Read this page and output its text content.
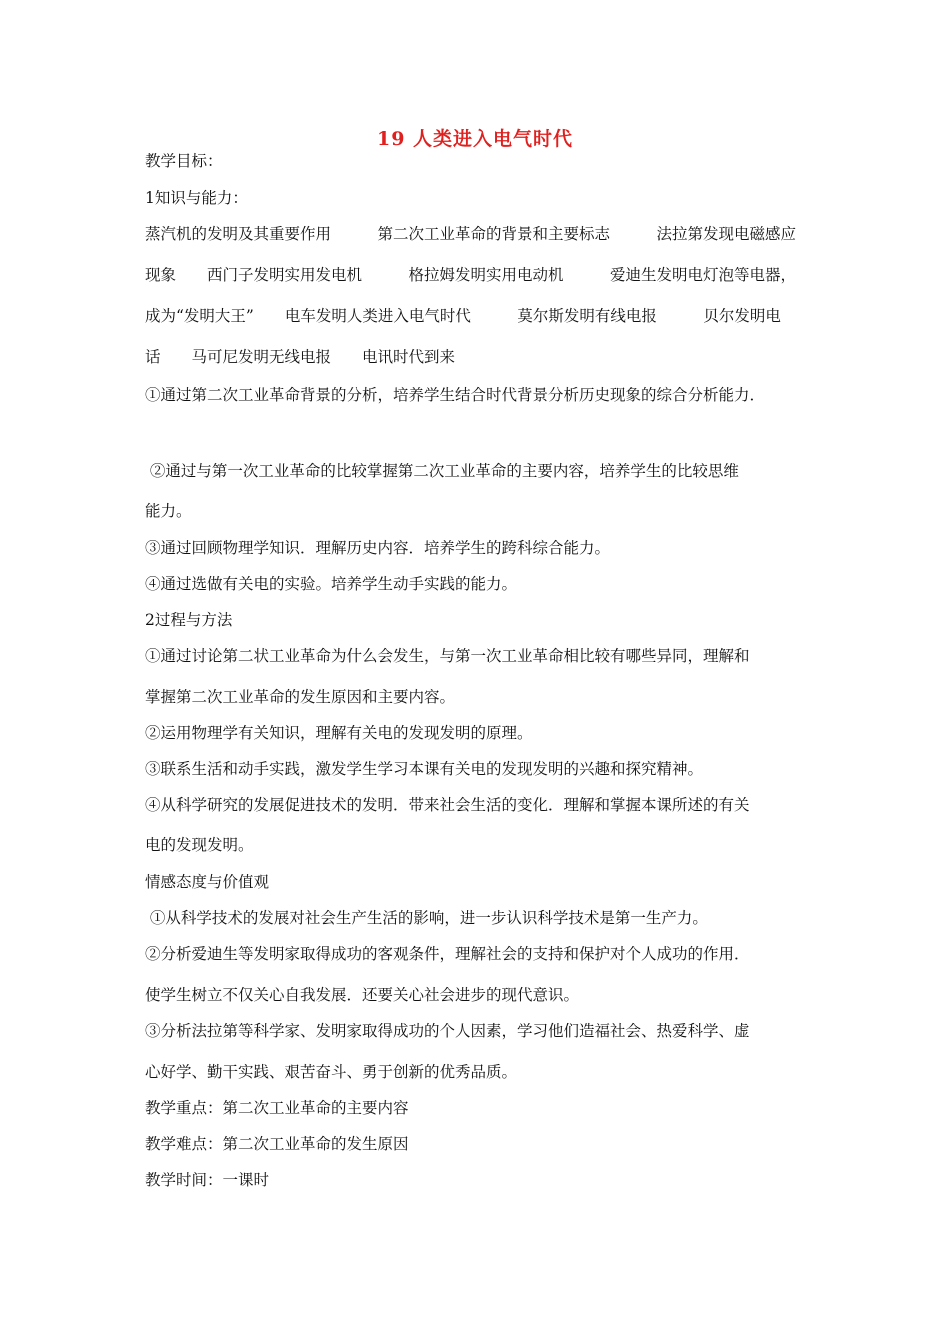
19 人类进入电气时代
教学目标：
1知识与能力：
蒸汽机的发明及其重要作用　　　第二次工业革命的背景和主要标志　　　法拉第发现电磁感应
现象　　西门子发明实用发电机　　　格拉姆发明实用电动机　　　爱迪生发明电灯泡等电器，
成为“发明大王”　　电车发明人类进入电气时代　　　莫尔斯发明有线电报　　　贝尔发明电
话　　马可尼发明无线电报　　电讯时代到来
①通过第二次工业革命背景的分析，培养学生结合时代背景分析历史现象的综合分析能力．
②通过与第一次工业革命的比较掌握第二次工业革命的主要内容，培养学生的比较思维
能力。
③通过回顾物理学知识．理解历史内容．培养学生的跨科综合能力。
④通过选做有关电的实验。培养学生动手实践的能力。
2过程与方法
①通过讨论第二状工业革命为什么会发生，与第一次工业革命相比较有哪些异同，理解和
掌握第二次工业革命的发生原因和主要内容。
②运用物理学有关知识，理解有关电的发现发明的原理。
③联系生活和动手实践，激发学生学习本课有关电的发现发明的兴趣和探究精神。
④从科学研究的发展促进技术的发明．带来社会生活的变化．理解和掌握本课所述的有关
电的发现发明。
情感态度与价值观
①从科学技术的发展对社会生产生活的影响，进一步认识科学技术是第一生产力。
②分析爱迪生等发明家取得成功的客观条件，理解社会的支持和保护对个人成功的作用．
使学生树立不仅关心自我发展．还要关心社会进步的现代意识。
③分析法拉第等科学家、发明家取得成功的个人因素，学习他们造福社会、热爱科学、虚
心好学、勤干实践、艰苦奋斗、勇于创新的优秀品质。
教学重点：第二次工业革命的主要内容
教学难点：第二次工业革命的发生原因
教学时间：一课时
